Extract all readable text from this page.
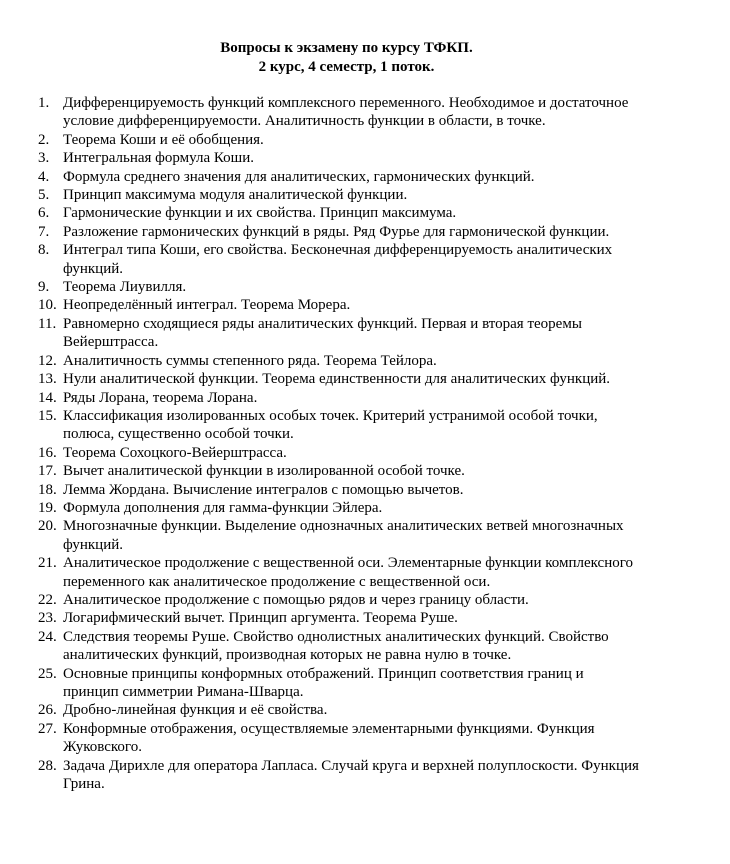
Вопросы к экзамену по курсу ТФКП.
2 курс, 4 семестр, 1 поток.
1. Дифференцируемость функций комплексного переменного. Необходимое и достаточное
условие дифференцируемости. Аналитичность функции в области, в точке.
2. Теорема Коши и её обобщения.
3. Интегральная формула Коши.
4. Формула среднего значения для аналитических, гармонических функций.
5. Принцип максимума модуля аналитической функции.
6. Гармонические функции и их свойства. Принцип максимума.
7. Разложение гармонических функций в ряды. Ряд Фурье для гармонической функции.
8. Интеграл типа Коши, его свойства. Бесконечная дифференцируемость аналитических
функций.
9. Теорема Лиувилля.
10. Неопределённый интеграл. Теорема Морера.
11. Равномерно сходящиеся ряды аналитических функций. Первая и вторая теоремы
Вейерштрасса.
12. Аналитичность суммы степенного ряда. Теорема Тейлора.
13. Нули аналитической функции. Теорема единственности для аналитических функций.
14. Ряды Лорана, теорема Лорана.
15. Классификация изолированных особых точек. Критерий устранимой особой точки,
полюса, существенно особой точки.
16. Теорема Сохоцкого-Вейерштрасса.
17. Вычет аналитической функции в изолированной особой точке.
18. Лемма Жордана. Вычисление интегралов с помощью вычетов.
19. Формула дополнения для гамма-функции Эйлера.
20. Многозначные функции. Выделение однозначных аналитических ветвей многозначных
функций.
21. Аналитическое продолжение с вещественной оси. Элементарные функции комплексного
переменного как аналитическое продолжение с вещественной оси.
22. Аналитическое продолжение с помощью рядов и через границу области.
23. Логарифмический вычет. Принцип аргумента. Теорема Руше.
24. Следствия теоремы Руше. Свойство однолистных аналитических функций. Свойство
аналитических функций, производная которых не равна нулю в точке.
25. Основные принципы конформных отображений. Принцип соответствия границ и
принцип симметрии Римана-Шварца.
26. Дробно-линейная функция и её свойства.
27. Конформные отображения, осуществляемые элементарными функциями. Функция
Жуковского.
28. Задача Дирихле для оператора Лапласа. Случай круга и верхней полуплоскости. Функция
Грина.
